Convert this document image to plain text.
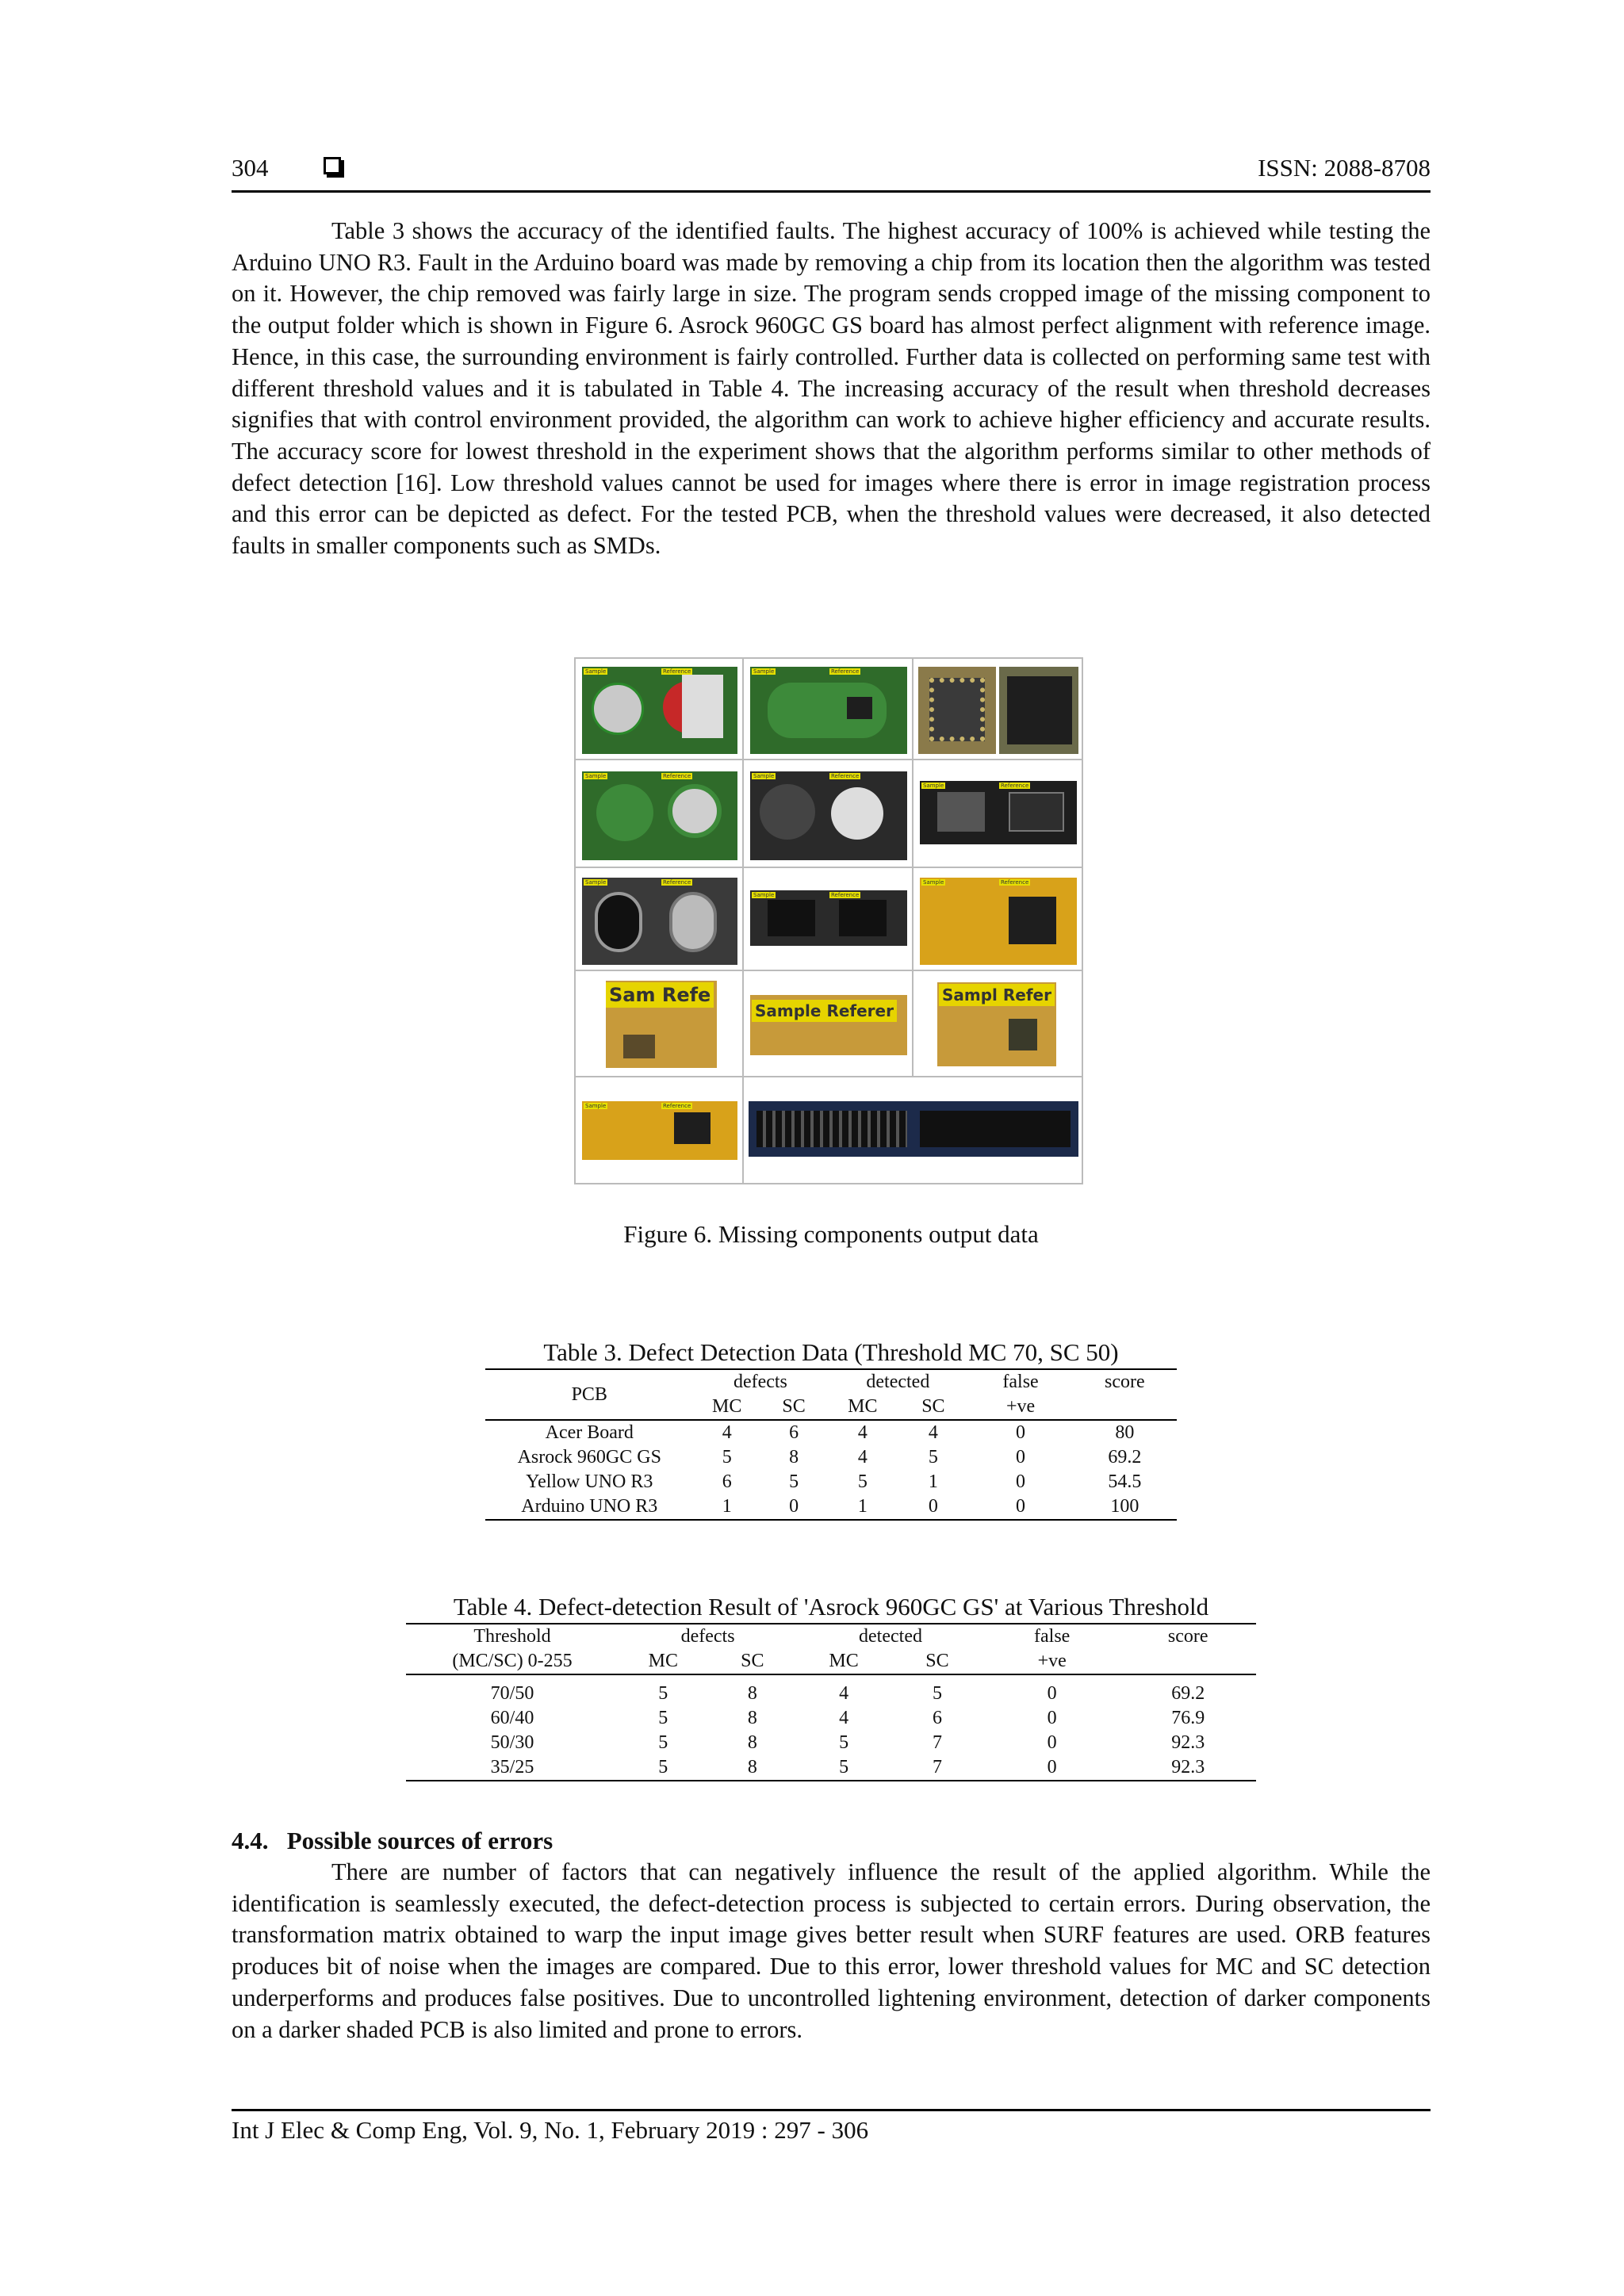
304	ISSN: 2088-8708

Table 3 shows the accuracy of the identified faults. The highest accuracy of 100% is achieved while testing the Arduino UNO R3. Fault in the Arduino board was made by removing a chip from its location then the algorithm was tested on it. However, the chip removed was fairly large in size. The program sends cropped image of the missing component to the output folder which is shown in Figure 6. Asrock 960GC GS board has almost perfect alignment with reference image. Hence, in this case, the surrounding environment is fairly controlled. Further data is collected on performing same test with different threshold values and it is tabulated in Table 4. The increasing accuracy of the result when threshold decreases signifies that with control environment provided, the algorithm can work to achieve higher efficiency and accurate results. The accuracy score for lowest threshold in the experiment shows that the algorithm performs similar to other methods of defect detection [16]. Low threshold values cannot be used for images where there is error in image registration process and this error can be depicted as defect. For the tested PCB, when the threshold values were decreased, it also detected faults in smaller components such as SMDs.

Sample	Reference	Sample	Reference
Sample	Reference	Sample	Reference
Sample	Reference
Sample	Reference
Sample	Reference
Sample	Reference
Sam Refe
Sample Referer
Sampl Refer
Sample	Reference
Figure 6. Missing components output data
Table 3. Defect Detection Data (Threshold MC 70, SC 50)
PCB	defects		detected		false	score
	MC	SC	MC	SC	+ve	
Acer Board	4	6	4	4	0	80
Asrock 960GC GS	5	8	4	5	0	69.2
Yellow UNO R3	6	5	5	1	0	54.5
Arduino UNO R3	1	0	1	0	0	100
Table 4. Defect-detection Result of 'Asrock 960GC GS' at Various Threshold
Threshold	defects		detected		false	score
(MC/SC) 0-255	MC	SC	MC	SC	+ve	

70/50	5	8	4	5	0	69.2
60/40	5	8	4	6	0	76.9
50/30	5	8	5	7	0	92.3
35/25	5	8	5	7	0	92.3
4.4.   Possible sources of errors

There are number of factors that can negatively influence the result of the applied algorithm. While the identification is seamlessly executed, the defect-detection process is subjected to certain errors. During observation, the transformation matrix obtained to warp the input image gives better result when SURF features are used. ORB features produces bit of noise when the images are compared. Due to this error, lower threshold values for MC and SC detection underperforms and produces false positives. Due to uncontrolled lightening environment, detection of darker components on a darker shaded PCB is also limited and prone to errors.

Int J Elec & Comp Eng, Vol. 9, No. 1, February 2019 : 297 - 306
